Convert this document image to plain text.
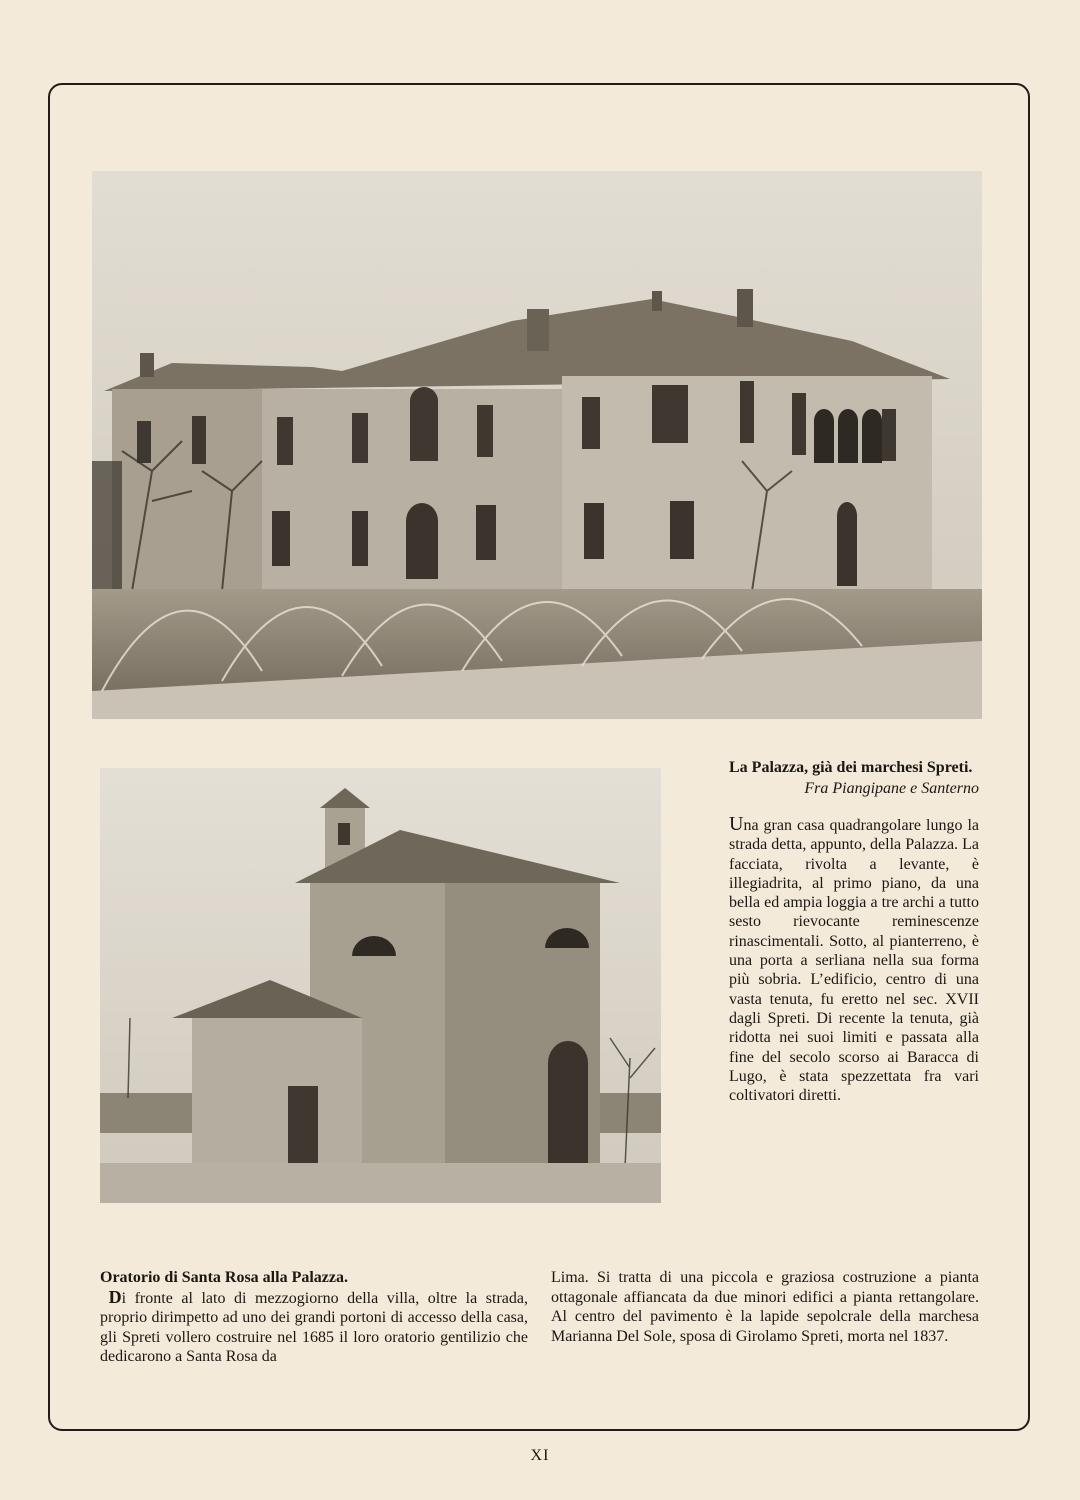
La Palazza, già dei marchesi Spreti.

Fra Piangipane e Santerno

Una gran casa quadrangolare lungo la strada detta, appunto, della Palazza. La facciata, rivolta a levante, è illegiadrita, al primo piano, da una bella ed ampia loggia a tre archi a tutto sesto rievocante reminescenze rinascimentali. Sotto, al pianterreno, è una porta a serliana nella sua forma più sobria. L’edificio, centro di una vasta tenuta, fu eretto nel sec. XVII dagli Spreti. Di recente la tenuta, già ridotta nei suoi limiti e passata alla fine del secolo scorso ai Baracca di Lugo, è stata spezzettata fra vari coltivatori diretti.

Oratorio di Santa Rosa alla Palazza.

Di fronte al lato di mezzogiorno della villa, oltre la strada, proprio dirimpetto ad uno dei grandi portoni di accesso della casa, gli Spreti vollero costruire nel 1685 il loro oratorio gentilizio che dedicarono a Santa Rosa da

Lima. Si tratta di una piccola e graziosa costruzione a pianta ottagonale affiancata da due minori edifici a pianta rettangolare. Al centro del pavimento è la lapide sepolcrale della marchesa Marianna Del Sole, sposa di Girolamo Spreti, morta nel 1837.

XI
